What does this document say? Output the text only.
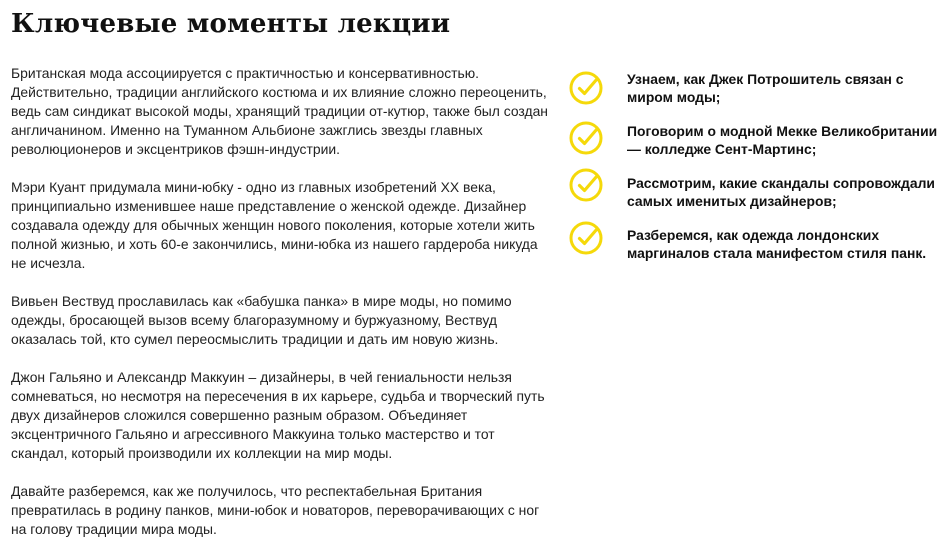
Ключевые моменты лекции

Британская мода ассоциируется с практичностью и консервативностью. Действительно, традиции английского костюма и их влияние сложно переоценить, ведь сам синдикат высокой моды, хранящий традиции от-кутюр, также был создан англичанином. Именно на Туманном Альбионе зажглись звезды главных революционеров и эксцентриков фэшн-индустрии.

Мэри Куант придумала мини-юбку - одно из главных изобретений XX века, принципиально изменившее наше представление о женской одежде. Дизайнер создавала одежду для обычных женщин нового поколения, которые хотели жить полной жизнью, и хоть 60-е закончились, мини-юбка из нашего гардероба никуда не исчезла.

Вивьен Вествуд прославилась как «бабушка панка» в мире моды, но помимо одежды, бросающей вызов всему благоразумному и буржуазному, Вествуд оказалась той, кто сумел переосмыслить традиции и дать им новую жизнь.

Джон Гальяно и Александр Маккуин – дизайнеры, в чей гениальности нельзя сомневаться, но несмотря на пересечения в их карьере, судьба и творческий путь двух дизайнеров сложился совершенно разным образом. Объединяет эксцентричного Гальяно и агрессивного Маккуина только мастерство и тот скандал, который производили их коллекции на мир моды.

Давайте разберемся, как же получилось, что респектабельная Британия превратилась в родину панков, мини-юбок и новаторов, переворачивающих с ног на голову традиции мира моды.

Узнаем, как Джек Потрошитель связан с миром моды;
Поговорим о модной Мекке Великобритании — колледже Сент-Мартинс;
Рассмотрим, какие скандалы сопровождали самых именитых дизайнеров;
Разберемся, как одежда лондонских маргиналов стала манифестом стиля панк.
